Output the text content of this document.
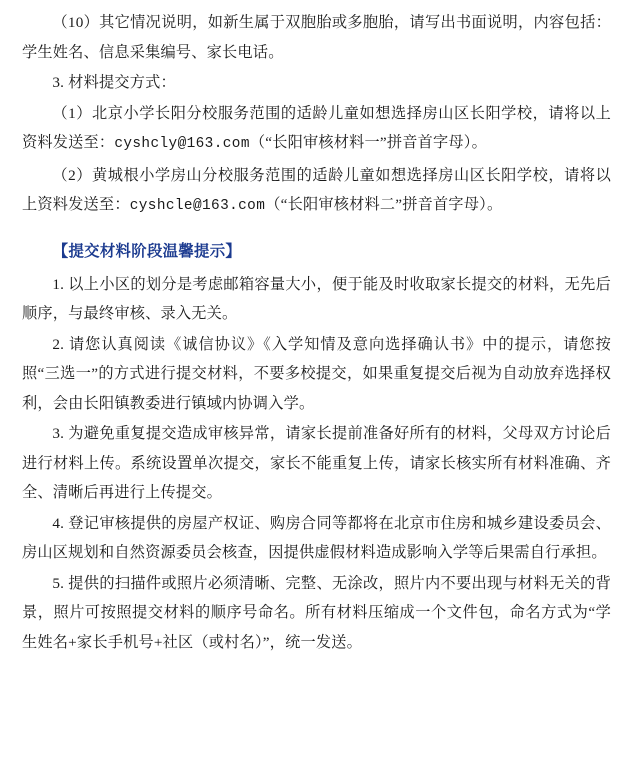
（10）其它情况说明，如新生属于双胞胎或多胞胎，请写出书面说明，内容包括：学生姓名、信息采集编号、家长电话。

3. 材料提交方式：

（1）北京小学长阳分校服务范围的适龄儿童如想选择房山区长阳学校，请将以上资料发送至：cyshcly@163.com（“长阳审核材料一”拼音首字母）。

（2）黄城根小学房山分校服务范围的适龄儿童如想选择房山区长阳学校，请将以上资料发送至：cyshcle@163.com（“长阳审核材料二”拼音首字母）。

【提交材料阶段温馨提示】

1. 以上小区的划分是考虑邮箱容量大小，便于能及时收取家长提交的材料，无先后顺序，与最终审核、录入无关。

2. 请您认真阅读《诚信协议》《入学知情及意向选择确认书》中的提示，请您按照“三选一”的方式进行提交材料，不要多校提交，如果重复提交后视为自动放弃选择权利，会由长阳镇教委进行镇域内协调入学。

3. 为避免重复提交造成审核异常，请家长提前准备好所有的材料，父母双方讨论后进行材料上传。系统设置单次提交，家长不能重复上传，请家长核实所有材料准确、齐全、清晰后再进行上传提交。

4. 登记审核提供的房屋产权证、购房合同等都将在北京市住房和城乡建设委员会、房山区规划和自然资源委员会核查，因提供虚假材料造成影响入学等后果需自行承担。

5. 提供的扫描件或照片必须清晰、完整、无涂改，照片内不要出现与材料无关的背景，照片可按照提交材料的顺序号命名。所有材料压缩成一个文件包，命名方式为“学生姓名+家长手机号+社区（或村名）”，统一发送。
